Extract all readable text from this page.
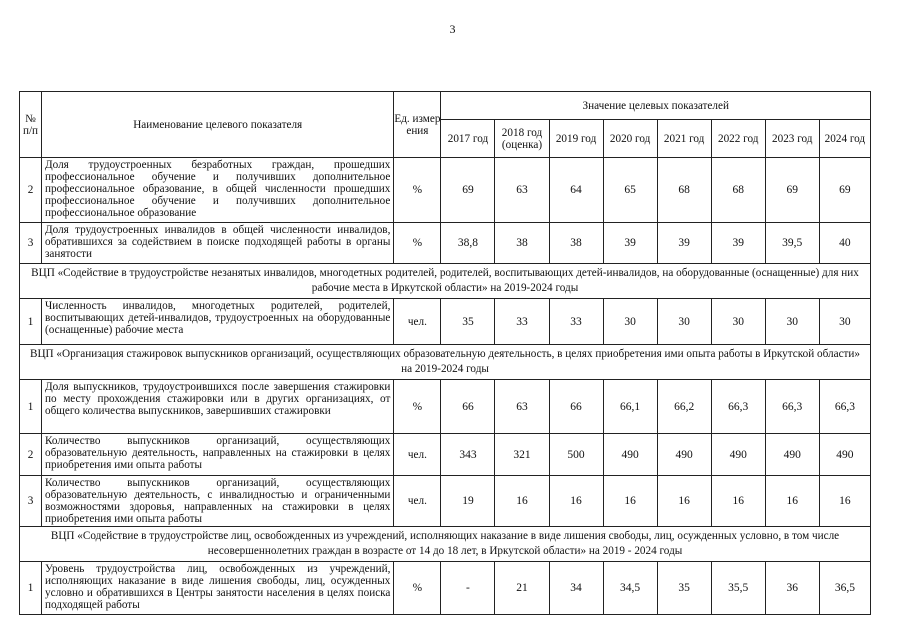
3
№ п/п	Наименование целевого показателя	Ед. измер ения	Значение целевых показателей							
			2017 год	2018 год (оценка)	2019 год	2020 год	2021 год	2022 год	2023 год	2024 год
2	Доля трудоустроенных безработных граждан, прошедших профессиональное обучение и получивших дополнительное профессиональное образование, в общей численности прошедших профессиональное обучение и получивших дополнительное профессиональное образование	%	69	63	64	65	68	68	69	69
3	Доля трудоустроенных инвалидов в общей численности инвалидов, обратившихся за содействием в поиске подходящей работы в органы занятости	%	38,8	38	38	39	39	39	39,5	40
ВЦП «Содействие в трудоустройстве незанятых инвалидов, многодетных родителей, родителей, воспитывающих детей-инвалидов, на оборудованные (оснащенные) для них рабочие места в Иркутской области» на 2019-2024 годы										
1	Численность инвалидов, многодетных родителей, родителей, воспитывающих детей-инвалидов, трудоустроенных на оборудованные (оснащенные) рабочие места	чел.	35	33	33	30	30	30	30	30
ВЦП «Организация стажировок выпускников организаций, осуществляющих образовательную деятельность, в целях приобретения ими опыта работы в Иркутской области» на 2019-2024 годы										
1	Доля выпускников, трудоустроившихся после завершения стажировки по месту прохождения стажировки или в других организациях, от общего количества выпускников, завершивших стажировки	%	66	63	66	66,1	66,2	66,3	66,3	66,3
2	Количество выпускников организаций, осуществляющих образовательную деятельность, направленных на стажировки в целях приобретения ими опыта работы	чел.	343	321	500	490	490	490	490	490
3	Количество выпускников организаций, осуществляющих образовательную деятельность, с инвалидностью и ограниченными возможностями здоровья, направленных на стажировки в целях приобретения ими опыта работы	чел.	19	16	16	16	16	16	16	16
ВЦП «Содействие в трудоустройстве лиц, освобожденных из учреждений, исполняющих наказание в виде лишения свободы, лиц, осужденных условно, в том числе несовершеннолетних граждан в возрасте от 14 до 18 лет, в Иркутской области» на 2019 - 2024 годы										
1	Уровень трудоустройства лиц, освобожденных из учреждений, исполняющих наказание в виде лишения свободы, лиц, осужденных условно и обратившихся в Центры занятости населения в целях поиска подходящей работы	%	-	21	34	34,5	35	35,5	36	36,5
